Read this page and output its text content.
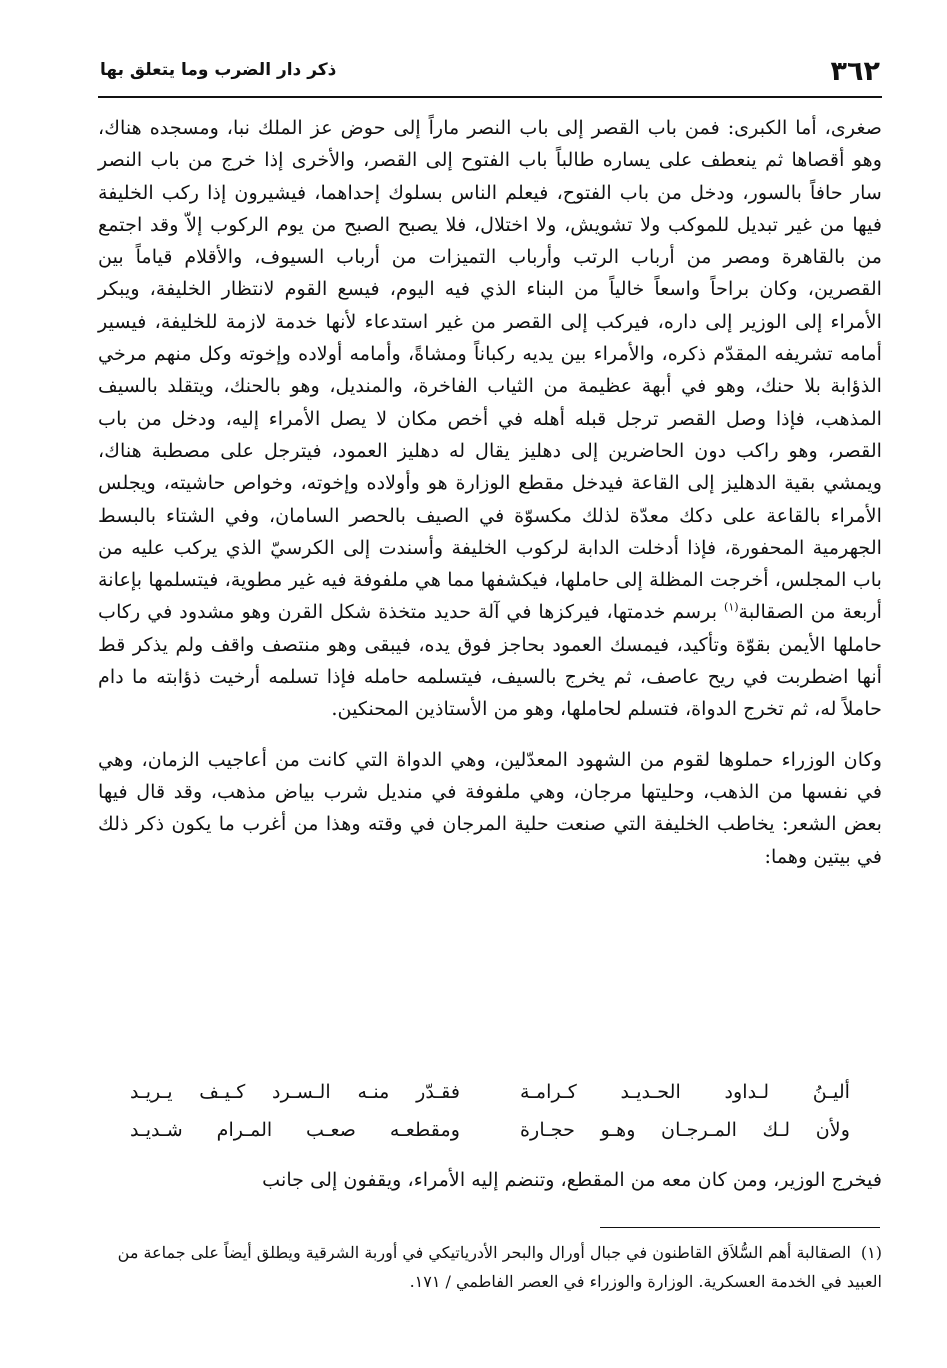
٣٦٢
ذكر دار الضرب وما يتعلق بها

صغرى، أما الكبرى: فمن باب القصر إلى باب النصر ماراً إلى حوض عز الملك نبا، ومسجده هناك، وهو أقصاها ثم ينعطف على يساره طالباً باب الفتوح إلى القصر، والأخرى إذا خرج من باب النصر سار حافاً بالسور، ودخل من باب الفتوح، فيعلم الناس بسلوك إحداهما، فيشيرون إذا ركب الخليفة فيها من غير تبديل للموكب ولا تشويش، ولا اختلال، فلا يصبح الصبح من يوم الركوب إلاّ وقد اجتمع من بالقاهرة ومصر من أرباب الرتب وأرباب التميزات من أرباب السيوف، والأقلام قياماً بين القصرين، وكان براحاً واسعاً خالياً من البناء الذي فيه اليوم، فيسع القوم لانتظار الخليفة، ويبكر الأمراء إلى الوزير إلى داره، فيركب إلى القصر من غير استدعاء لأنها خدمة لازمة للخليفة، فيسير أمامه تشريفه المقدّم ذكره، والأمراء بين يديه ركباناً ومشاةً، وأمامه أولاده وإخوته وكل منهم مرخي الذؤابة بلا حنك، وهو في أبهة عظيمة من الثياب الفاخرة، والمنديل، وهو بالحنك، ويتقلد بالسيف المذهب، فإذا وصل القصر ترجل قبله أهله في أخص مكان لا يصل الأمراء إليه، ودخل من باب القصر، وهو راكب دون الحاضرين إلى دهليز يقال له دهليز العمود، فيترجل على مصطبة هناك، ويمشي بقية الدهليز إلى القاعة فيدخل مقطع الوزارة هو وأولاده وإخوته، وخواص حاشيته، ويجلس الأمراء بالقاعة على دكك معدّة لذلك مكسوّة في الصيف بالحصر السامان، وفي الشتاء بالبسط الجهرمية المحفورة، فإذا أدخلت الدابة لركوب الخليفة وأسندت إلى الكرسيّ الذي يركب عليه من باب المجلس، أخرجت المظلة إلى حاملها، فيكشفها مما هي ملفوفة فيه غير مطوية، فيتسلمها بإعانة أربعة من الصقالبة$^{(١)}$ برسم خدمتها، فيركزها في آلة حديد متخذة شكل القرن وهو مشدود في ركاب حاملها الأيمن بقوّة وتأكيد، فيمسك العمود بحاجز فوق يده، فيبقى وهو منتصف واقف ولم يذكر قط أنها اضطربت في ريح عاصف، ثم يخرج بالسيف، فيتسلمه حامله فإذا تسلمه أرخيت ذؤابته ما دام حاملاً له، ثم تخرج الدواة، فتسلم لحاملها، وهو من الأستاذين المحنكين.

وكان الوزراء حملوها لقوم من الشهود المعدّلين، وهي الدواة التي كانت من أعاجيب الزمان، وهي في نفسها من الذهب، وحليتها مرجان، وهي ملفوفة في منديل شرب بياض مذهب، وقد قال فيها بعض الشعر: يخاطب الخليفة التي صنعت حلية المرجان في وقته وهذا من أغرب ما يكون ذكر ذلك في بيتين وهما:

أليـنُ لـداود الحـديـد كـرامـة
فقـدّر منـه الـسـرد كـيـف يـريـد
ولأن لـك المـرجـان وهـو حجـارة
ومقطعـه صعـب المـرام شـديـد
فيخرج الوزير، ومن كان معه من المقطع، وتنضم إليه الأمراء، ويقفون إلى جانب
(١)الصقالبة أهم السُّلاَق القاطنون في جبال أورال والبحر الأدرياتيكي في أوربة الشرقية ويطلق أيضاً على جماعة من العبيد في الخدمة العسكرية. الوزارة والوزراء في العصر الفاطمي / ١٧١.
